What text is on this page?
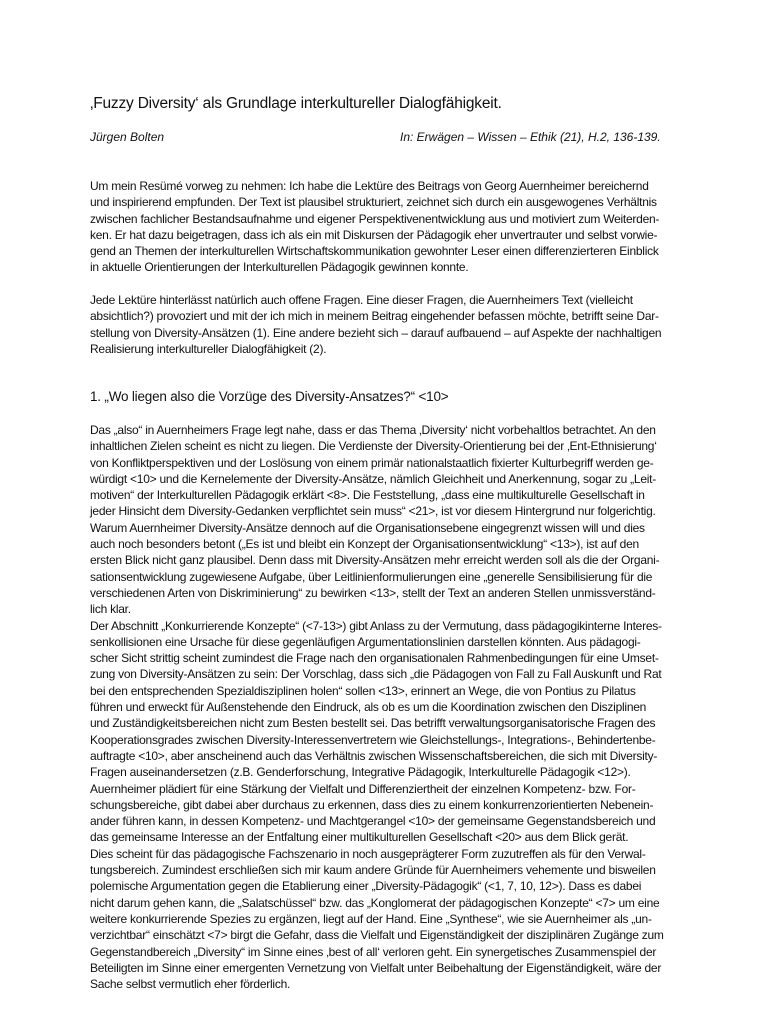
‚Fuzzy Diversity‘ als Grundlage interkultureller Dialogfähigkeit.
Jürgen Bolten	In: Erwägen – Wissen – Ethik (21), H.2, 136-139.
Um mein Resümé vorweg zu nehmen: Ich habe die Lektüre des Beitrags von Georg Auernheimer bereichernd
und inspirierend empfunden. Der Text ist plausibel strukturiert, zeichnet sich durch ein ausgewogenes Verhältnis
zwischen fachlicher Bestandsaufnahme und eigener Perspektivenentwicklung aus und motiviert zum Weiterden-
ken. Er hat dazu beigetragen, dass ich als ein mit Diskursen der Pädagogik eher unvertrauter und selbst vorwie-
gend an Themen der interkulturellen Wirtschaftskommunikation gewohnter Leser einen differenzierteren Einblick
in aktuelle Orientierungen der Interkulturellen Pädagogik gewinnen konnte.
Jede Lektüre hinterlässt natürlich auch offene Fragen. Eine dieser Fragen, die Auernheimers Text (vielleicht
absichtlich?) provoziert und mit der ich mich in meinem Beitrag eingehender befassen möchte, betrifft seine Dar-
stellung von Diversity-Ansätzen (1). Eine andere bezieht sich – darauf aufbauend – auf Aspekte der nachhaltigen
Realisierung interkultureller Dialogfähigkeit (2).
1. „Wo liegen also die Vorzüge des Diversity-Ansatzes?“ <10>
Das „also“ in Auernheimers Frage legt nahe, dass er das Thema ‚Diversity‘ nicht vorbehaltlos betrachtet. An den
inhaltlichen Zielen scheint es nicht zu liegen. Die Verdienste der Diversity-Orientierung bei der ‚Ent-Ethnisierung‘
von Konfliktperspektiven und der Loslösung von einem primär nationalstaatlich fixierter Kulturbegriff werden ge-
würdigt <10> und die Kernelemente der Diversity-Ansätze, nämlich Gleichheit und Anerkennung, sogar zu „Leit-
motiven“ der Interkulturellen Pädagogik erklärt <8>. Die Feststellung, „dass eine multikulturelle Gesellschaft in
jeder Hinsicht dem Diversity-Gedanken verpflichtet sein muss“ <21>, ist vor diesem Hintergrund nur folgerichtig.
Warum Auernheimer Diversity-Ansätze dennoch auf die Organisationsebene eingegrenzt wissen will und dies
auch noch besonders betont („Es ist und bleibt ein Konzept der Organisationsentwicklung“ <13>), ist auf den
ersten Blick nicht ganz plausibel. Denn dass mit Diversity-Ansätzen mehr erreicht werden soll als die der Organi-
sationsentwicklung zugewiesene Aufgabe, über Leitlinienformulierungen eine „generelle Sensibilisierung für die
verschiedenen Arten von Diskriminierung“ zu bewirken <13>, stellt der Text an anderen Stellen unmissverständ-
lich klar.
Der Abschnitt „Konkurrierende Konzepte“ (<7-13>) gibt Anlass zu der Vermutung, dass pädagogikinterne Interes-
senkollisionen eine Ursache für diese gegenläufigen Argumentationslinien darstellen könnten. Aus pädagogi-
scher Sicht strittig scheint zumindest die Frage nach den organisationalen Rahmenbedingungen für eine Umset-
zung von Diversity-Ansätzen zu sein: Der Vorschlag, dass sich „die Pädagogen von Fall zu Fall Auskunft und Rat
bei den entsprechenden Spezialdisziplinen holen“ sollen <13>, erinnert an Wege, die von Pontius zu Pilatus
führen und erweckt für Außenstehende den Eindruck, als ob es um die Koordination zwischen den Disziplinen
und Zuständigkeitsbereichen nicht zum Besten bestellt sei. Das betrifft verwaltungsorganisatorische Fragen des
Kooperationsgrades zwischen Diversity-Interessenvertretern wie Gleichstellungs-, Integrations-, Behindertenbe-
auftragte <10>, aber anscheinend auch das Verhältnis zwischen Wissenschaftsbereichen, die sich mit Diversity-
Fragen auseinandersetzen (z.B. Genderforschung, Integrative Pädagogik, Interkulturelle Pädagogik <12>).
Auernheimer plädiert für eine Stärkung der Vielfalt und Differenziertheit der einzelnen Kompetenz- bzw. For-
schungsbereiche, gibt dabei aber durchaus zu erkennen, dass dies zu einem konkurrenzorientierten Nebenein-
ander führen kann, in dessen Kompetenz- und Machtgerangel <10> der gemeinsame Gegenstandsbereich und
das gemeinsame Interesse an der Entfaltung einer multikulturellen Gesellschaft <20> aus dem Blick gerät.
Dies scheint für das pädagogische Fachszenario in noch ausgeprägterer Form zuzutreffen als für den Verwal-
tungsbereich. Zumindest erschließen sich mir kaum andere Gründe für Auernheimers vehemente und bisweilen
polemische Argumentation gegen die Etablierung einer „Diversity-Pädagogik“ (<1, 7, 10, 12>). Dass es dabei
nicht darum gehen kann, die „Salatschüssel“ bzw. das „Konglomerat der pädagogischen Konzepte“ <7> um eine
weitere konkurrierende Spezies zu ergänzen, liegt auf der Hand. Eine „Synthese“, wie sie Auernheimer als „un-
verzichtbar“ einschätzt <7> birgt die Gefahr, dass die Vielfalt und Eigenständigkeit der disziplinären Zugänge zum
Gegenstandbereich „Diversity“ im Sinne eines ‚best of all‘ verloren geht. Ein synergetisches Zusammenspiel der
Beteiligten im Sinne einer emergenten Vernetzung von Vielfalt unter Beibehaltung der Eigenständigkeit, wäre der
Sache selbst vermutlich eher förderlich.
